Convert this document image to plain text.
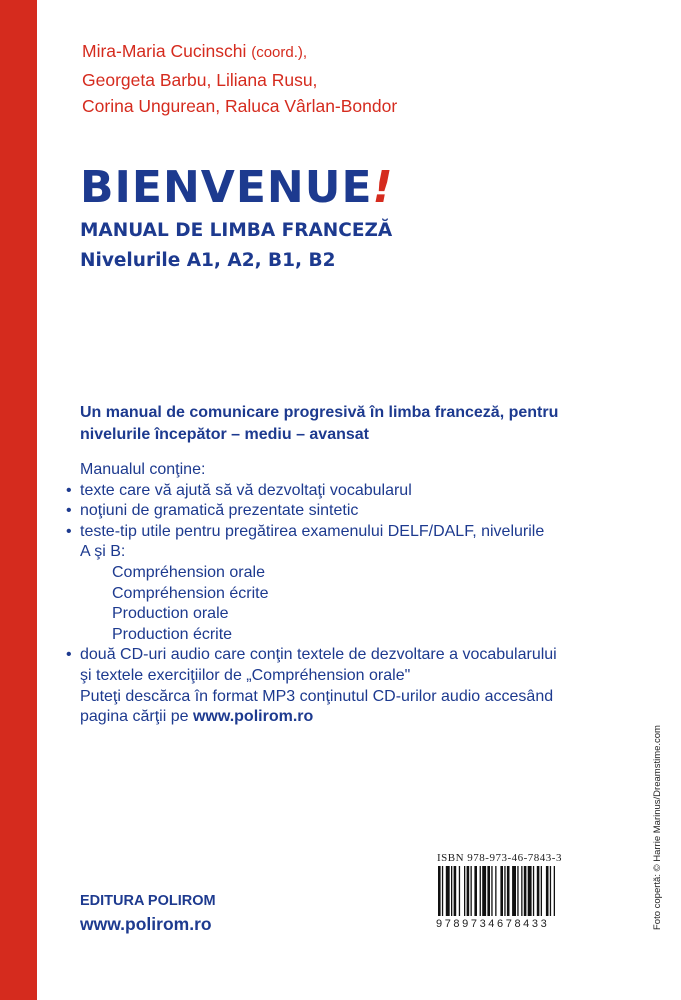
Mira-Maria Cucinschi (coord.),
Georgeta Barbu, Liliana Rusu,
Corina Ungurean, Raluca Vârlan-Bondor
BIENVENUE!
MANUAL DE LIMBA FRANCEZĂ
Nivelurile A1, A2, B1, B2
Un manual de comunicare progresivă în limba franceză, pentru nivelurile începător – mediu – avansat
Manualul conţine:
• texte care vă ajută să vă dezvoltaţi vocabularul
• noţiuni de gramatică prezentate sintetic
• teste-tip utile pentru pregătirea examenului DELF/DALF, nivelurile
A şi B:
Compréhension orale
Compréhension écrite
Production orale
Production écrite
• două CD-uri audio care conţin textele de dezvoltare a vocabularului
şi textele exerciţiilor de „Compréhension orale"
Puteţi descărca în format MP3 conţinutul CD-urilor audio accesând
pagina cărţii pe www.polirom.ro
EDITURA POLIROM
www.polirom.ro
ISBN 978-973-46-7843-3
9789734678433	Foto copertă: © Harrie Marinus/Dreamstime.com
